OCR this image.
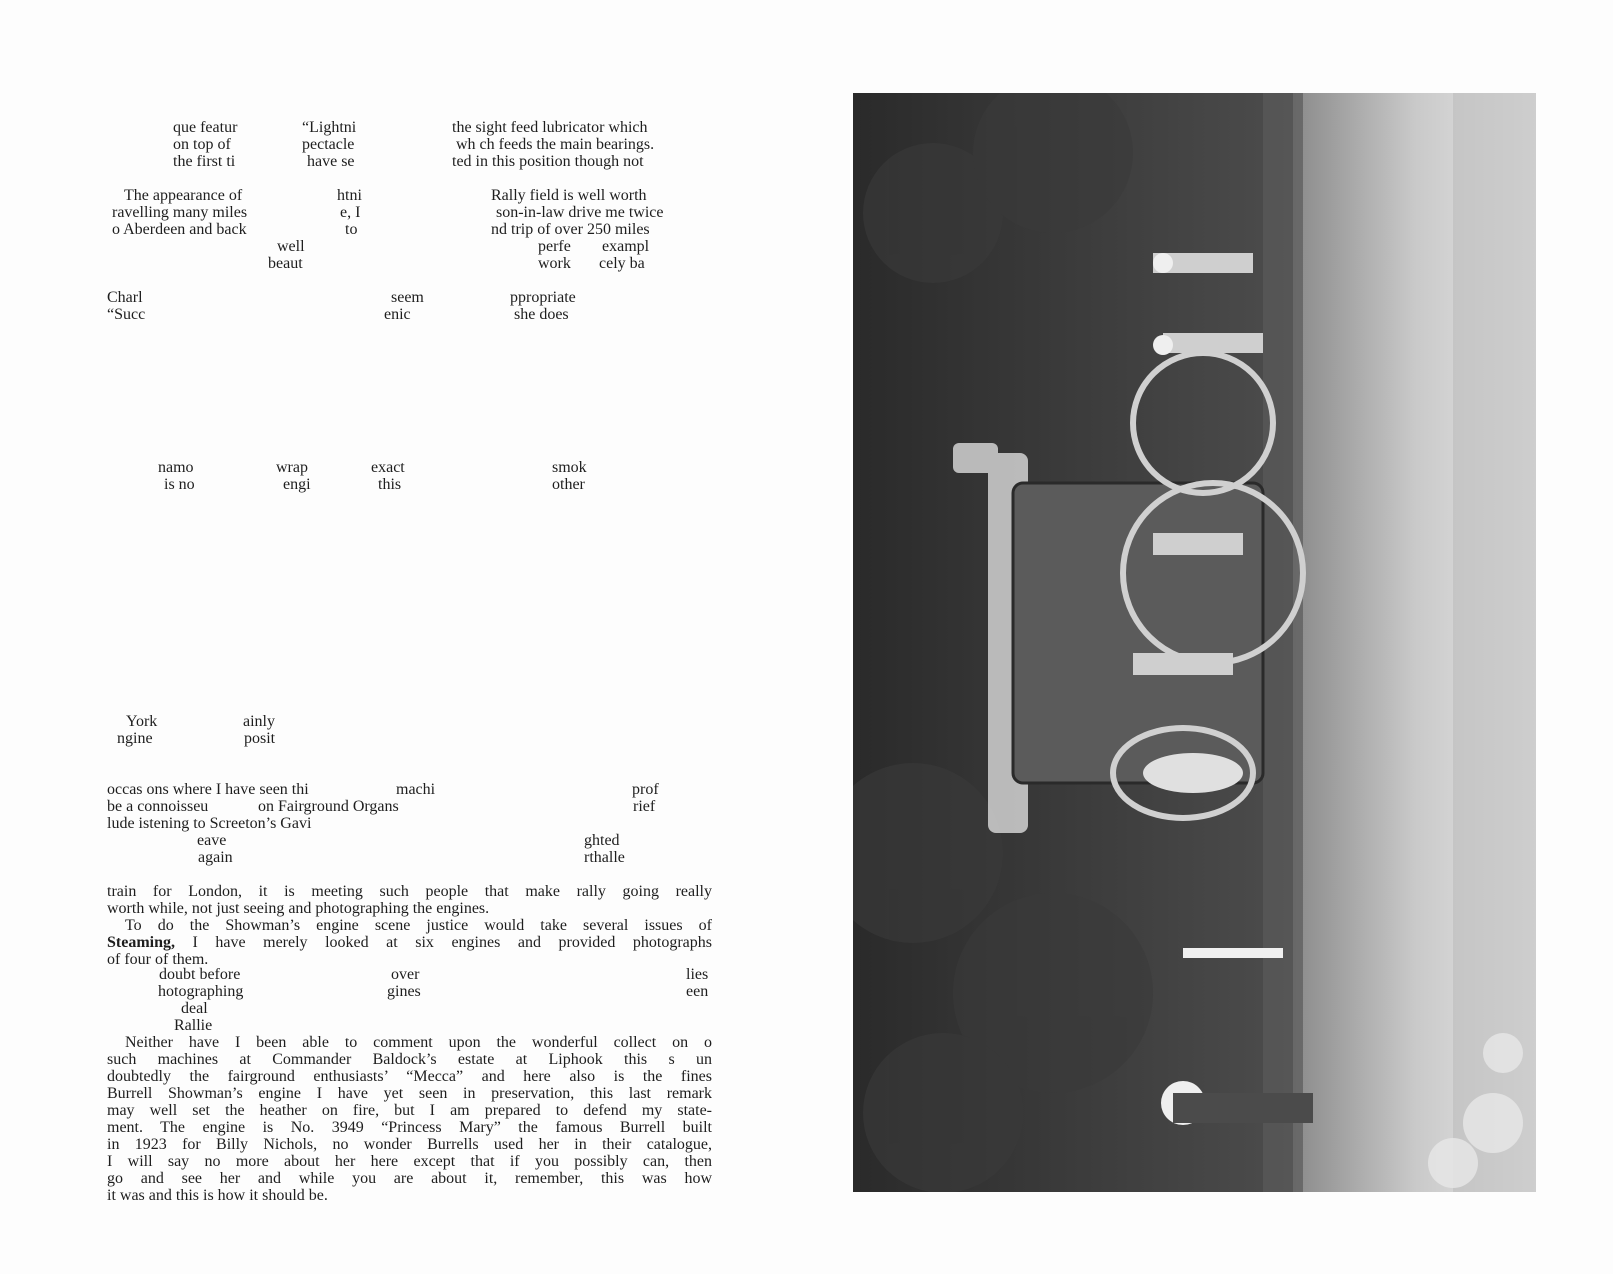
que featur
on top of
the first ti
“Lightni
pectacle
have se
the sight feed lubricator which
wh ch feeds the main bearings.
ted in this position though not
The appearance of
ravelling many miles
o Aberdeen and back
well
beaut
htni
e, I
to
Rally field is well worth
son-in-law drive me twice
nd trip of over 250 miles
perfe exampl
work cely ba
Charl
“Succ
seem
enic
ppropriate
she does
namo
is no
wrap
engi
exact
this
smok
other
York
ngine
ainly
posit
occas ons where I have seen thi
be a connoisseu
lude istening to Screeton’s Gavi
machi
on Fairground Organs
prof
rief
eave
again
ghted
rthalle
doubt before
hotographing
deal
Rallie
over
gines
lies
een

train for London, it is meeting such people that make rally going really

worth while, not just seeing and photographing the engines.

To do the Showman’s engine scene justice would take several issues of

Steaming, I have merely looked at six engines and provided photographs

of four of them.

Neither have I been able to comment upon the wonderful collect on o

such machines at Commander Baldock’s estate at Liphook this s un

doubtedly the fairground enthusiasts’ “Mecca” and here also is the fines

Burrell Showman’s engine I have yet seen in preservation, this last remark

may well set the heather on fire, but I am prepared to defend my state-

ment. The engine is No. 3949 “Princess Mary” the famous Burrell built

in 1923 for Billy Nichols, no wonder Burrells used her in their catalogue,

I will say no more about her here except that if you possibly can, then

go and see her and while you are about it, remember, this was how

it was and this is how it should be.
